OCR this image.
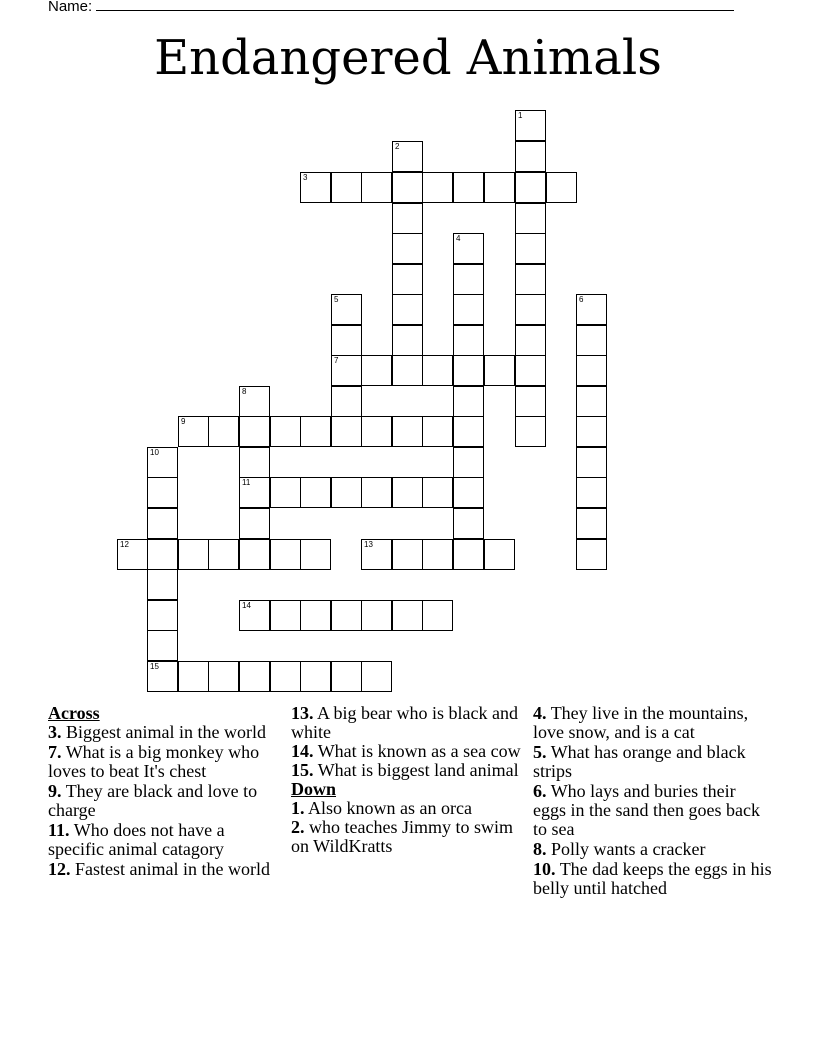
Name:
Endangered Animals
1
2
3
4
6
5
7
8
11
9
10
15
12	13
14
Across
3. Biggest animal in the world
7. What is a big monkey who loves to beat It's chest
9. They are black and love to charge
11. Who does not have a specific animal catagory
12. Fastest animal in the world
13. A big bear who is black and white
14. What is known as a sea cow
15. What is biggest land animal
Down
1. Also known as an orca
2. who teaches Jimmy to swim on WildKratts
4. They live in the mountains, love snow, and is a cat
5. What has orange and black strips
6. Who lays and buries their eggs in the sand then goes back to sea
8. Polly wants a cracker
10. The dad keeps the eggs in his belly until hatched
